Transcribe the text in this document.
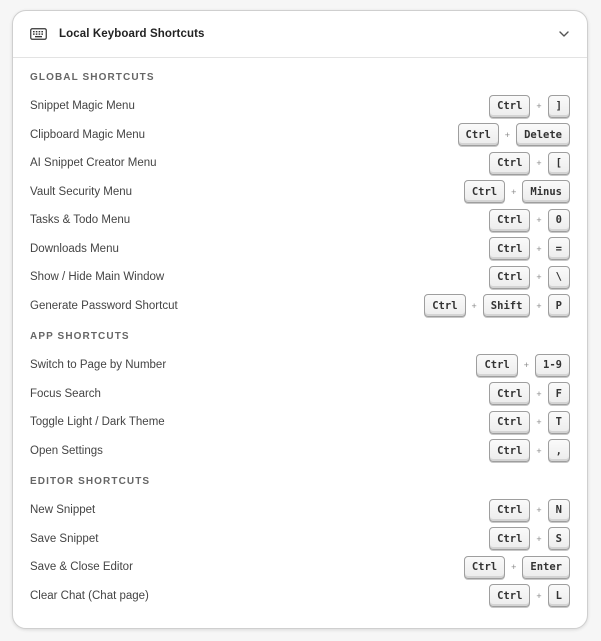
Local Keyboard Shortcuts
GLOBAL SHORTCUTS
Snippet Magic Menu	Ctrl	+	]
Clipboard Magic Menu	Ctrl	+	Delete
AI Snippet Creator Menu	Ctrl	+	[
Vault Security Menu	Ctrl	+	Minus
Tasks & Todo Menu	Ctrl	+	0
Downloads Menu	Ctrl	+	=
Show / Hide Main Window	Ctrl	+	\
Generate Password Shortcut	Ctrl	+	Shift	+	P
APP SHORTCUTS
Switch to Page by Number	Ctrl	+	1-9
Focus Search	Ctrl	+	F
Toggle Light / Dark Theme	Ctrl	+	T
Open Settings	Ctrl	+	,
EDITOR SHORTCUTS
New Snippet	Ctrl	+	N
Save Snippet	Ctrl	+	S
Save & Close Editor	Ctrl	+	Enter
Clear Chat (Chat page)	Ctrl	+	L
